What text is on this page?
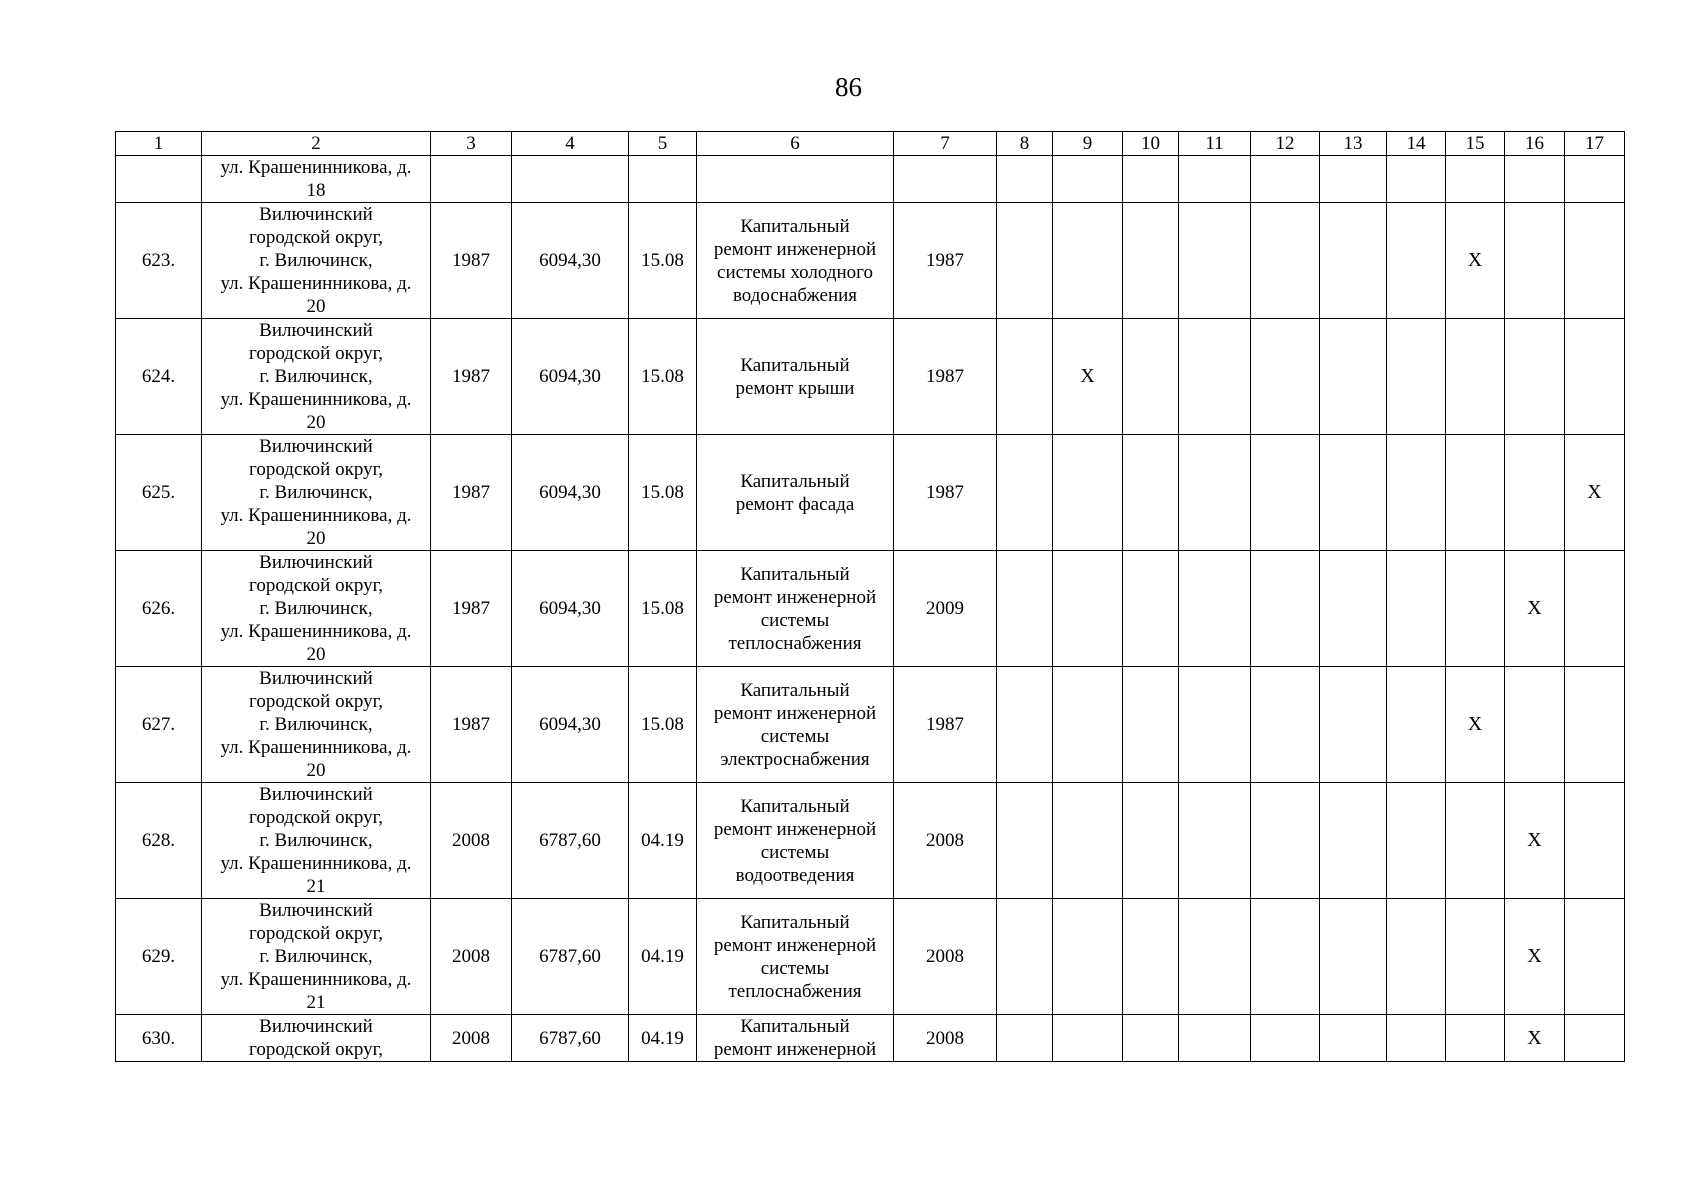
86
1	2	3	4	5	6	7	8	9	10	11	12	13	14	15	16	17
	ул. Крашенинникова, д.
18															
623.	Вилючинский
городской округ,
г. Вилючинск,
ул. Крашенинникова, д.
20	1987	6094,30	15.08	Капитальный
ремонт инженерной
системы холодного
водоснабжения	1987								X		
624.	Вилючинский
городской округ,
г. Вилючинск,
ул. Крашенинникова, д.
20	1987	6094,30	15.08	Капитальный
ремонт крыши	1987		X								
625.	Вилючинский
городской округ,
г. Вилючинск,
ул. Крашенинникова, д.
20	1987	6094,30	15.08	Капитальный
ремонт фасада	1987										X
626.	Вилючинский
городской округ,
г. Вилючинск,
ул. Крашенинникова, д.
20	1987	6094,30	15.08	Капитальный
ремонт инженерной
системы
теплоснабжения	2009									X	
627.	Вилючинский
городской округ,
г. Вилючинск,
ул. Крашенинникова, д.
20	1987	6094,30	15.08	Капитальный
ремонт инженерной
системы
электроснабжения	1987								X		
628.	Вилючинский
городской округ,
г. Вилючинск,
ул. Крашенинникова, д.
21	2008	6787,60	04.19	Капитальный
ремонт инженерной
системы
водоотведения	2008									X	
629.	Вилючинский
городской округ,
г. Вилючинск,
ул. Крашенинникова, д.
21	2008	6787,60	04.19	Капитальный
ремонт инженерной
системы
теплоснабжения	2008									X	
630.	Вилючинский
городской округ,	2008	6787,60	04.19	Капитальный
ремонт инженерной	2008									X	
